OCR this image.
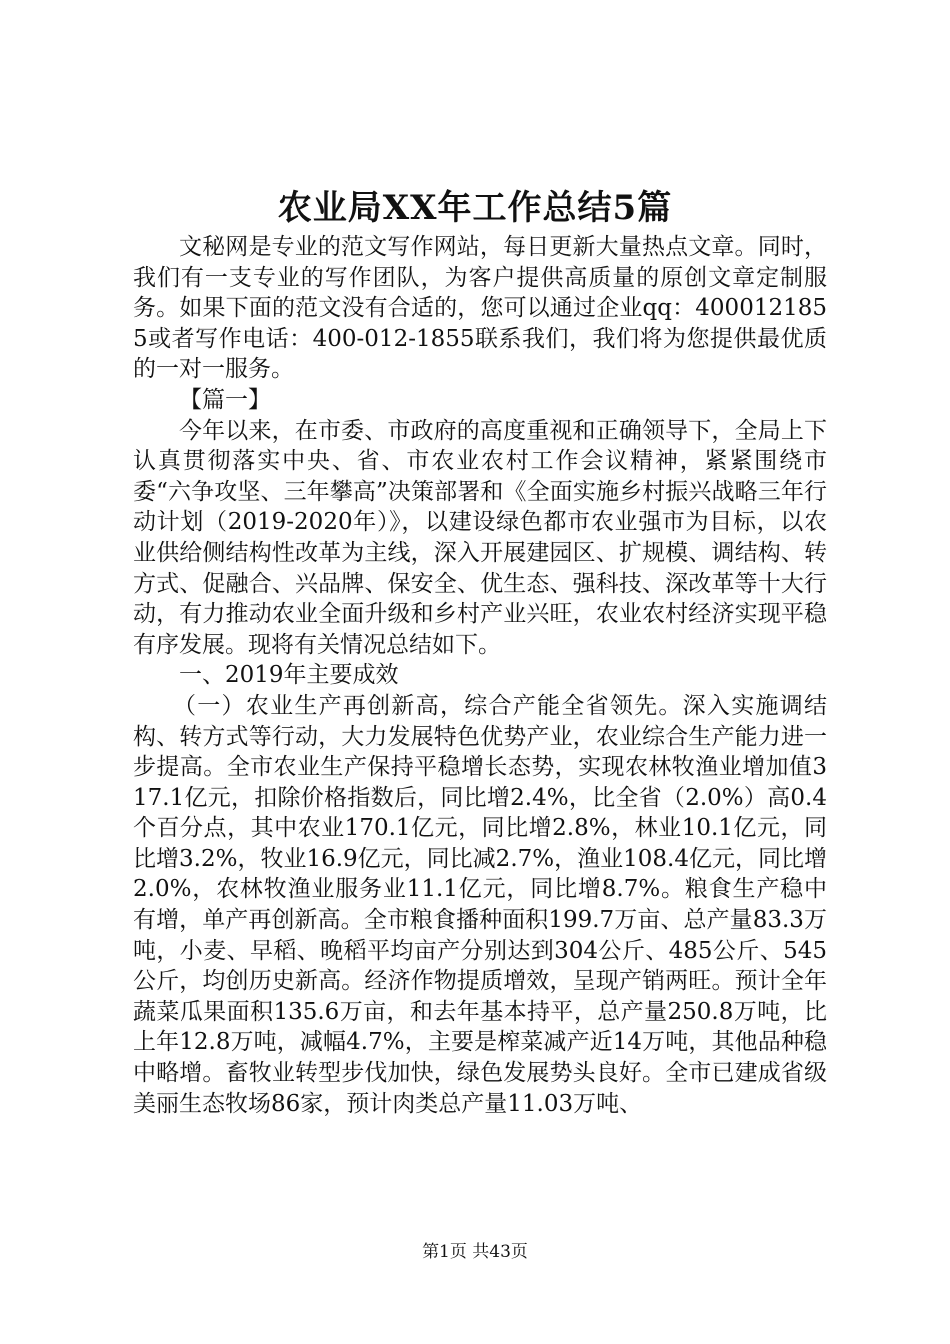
农业局XX年工作总结5篇

文秘网是专业的范文写作网站，每日更新大量热点文章。同时，我们有一支专业的写作团队，为客户提供高质量的原创文章定制服务。如果下面的范文没有合适的，您可以通过企业qq：4000121855或者写作电话：400-012-1855联系我们，我们将为您提供最优质的一对一服务。

【篇一】

今年以来，在市委、市政府的高度重视和正确领导下，全局上下认真贯彻落实中央、省、市农业农村工作会议精神，紧紧围绕市委“六争攻坚、三年攀高”决策部署和《全面实施乡村振兴战略三年行动计划（2019-2020年）》，以建设绿色都市农业强市为目标，以农业供给侧结构性改革为主线，深入开展建园区、扩规模、调结构、转方式、促融合、兴品牌、保安全、优生态、强科技、深改革等十大行动，有力推动农业全面升级和乡村产业兴旺，农业农村经济实现平稳有序发展。现将有关情况总结如下。

一、2019年主要成效

（一）农业生产再创新高，综合产能全省领先。深入实施调结构、转方式等行动，大力发展特色优势产业，农业综合生产能力进一步提高。全市农业生产保持平稳增长态势，实现农林牧渔业增加值317.1亿元，扣除价格指数后，同比增2.4%，比全省（2.0%）高0.4个百分点，其中农业170.1亿元，同比增2.8%，林业10.1亿元，同比增3.2%，牧业16.9亿元，同比减2.7%，渔业108.4亿元，同比增2.0%，农林牧渔业服务业11.1亿元，同比增8.7%。粮食生产稳中有增，单产再创新高。全市粮食播种面积199.7万亩、总产量83.3万吨，小麦、早稻、晚稻平均亩产分别达到304公斤、485公斤、545公斤，均创历史新高。经济作物提质增效，呈现产销两旺。预计全年蔬菜瓜果面积135.6万亩，和去年基本持平，总产量250.8万吨，比上年12.8万吨，减幅4.7%，主要是榨菜减产近14万吨，其他品种稳中略增。畜牧业转型步伐加快，绿色发展势头良好。全市已建成省级美丽生态牧场86家，预计肉类总产量11.03万吨、

第1页 共43页
